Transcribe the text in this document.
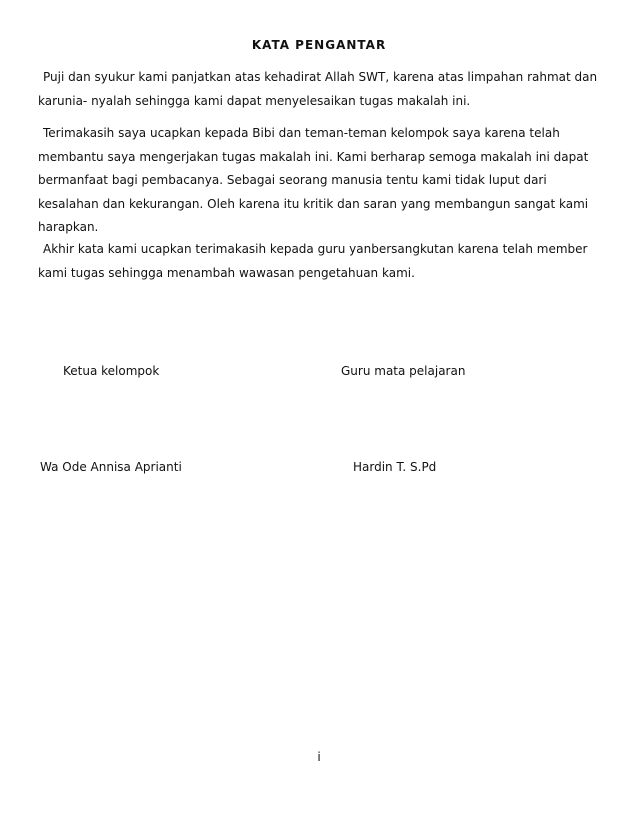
KATA PENGANTAR

Puji dan syukur kami panjatkan atas kehadirat Allah SWT, karena atas limpahan rahmat dan karunia- nyalah sehingga kami dapat menyelesaikan tugas makalah ini.

Terimakasih saya ucapkan kepada Bibi dan teman-teman kelompok saya karena telah membantu saya mengerjakan tugas makalah ini. Kami berharap semoga makalah ini dapat bermanfaat bagi pembacanya. Sebagai seorang manusia tentu kami tidak luput dari kesalahan dan kekurangan. Oleh karena itu kritik dan saran yang membangun sangat kami harapkan.

Akhir kata kami ucapkan terimakasih kepada guru yanbersangkutan karena telah member kami tugas sehingga menambah wawasan pengetahuan kami.

Ketua kelompok	Guru mata pelajaran
Wa Ode Annisa Aprianti	Hardin T. S.Pd
i
